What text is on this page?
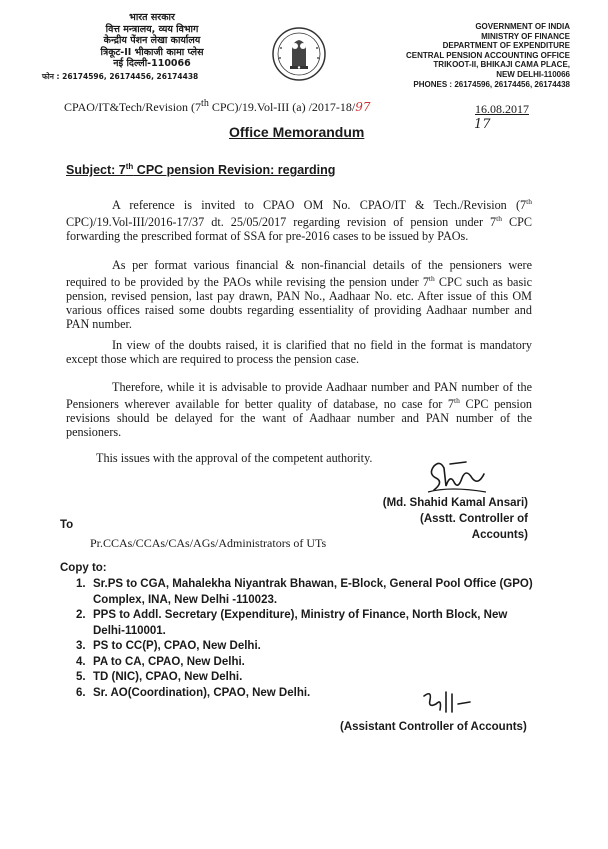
भारत सरकार
वित्त मन्त्रालय, व्यय विभाग
केन्द्रीय पेंशन लेखा कार्यालय
त्रिकूट-II भीकाजी कामा प्लेस
नई दिल्ली-110066
फोन : 26174596, 26174456, 26174438
GOVERNMENT OF INDIA
MINISTRY OF FINANCE
DEPARTMENT OF EXPENDITURE
CENTRAL PENSION ACCOUNTING OFFICE
TRIKOOT-II, BHIKAJI CAMA PLACE,
NEW DELHI-110066
PHONES : 26174596, 26174456, 26174438
CPAO/IT&Tech/Revision (7th CPC)/19.Vol-III (a) /2017-18/97	16.08.2017
17
Office Memorandum
Subject: 7th CPC pension Revision: regarding

A reference is invited to CPAO OM No. CPAO/IT & Tech./Revision (7th CPC)/19.Vol-III/2016-17/37 dt. 25/05/2017 regarding revision of pension under 7th CPC forwarding the prescribed format of SSA for pre-2016 cases to be issued by PAOs.

As per format various financial & non-financial details of the pensioners were required to be provided by the PAOs while revising the pension under 7th CPC such as basic pension, revised pension, last pay drawn, PAN No., Aadhaar No. etc. After issue of this OM various offices raised some doubts regarding essentiality of providing Aadhaar number and PAN number.

In view of the doubts raised, it is clarified that no field in the format is mandatory except those which are required to process the pension case.

Therefore, while it is advisable to provide Aadhaar number and PAN number of the Pensioners wherever available for better quality of database, no case for 7th CPC pension revisions should be delayed for the want of Aadhaar number and PAN number of the pensioners.

This issues with the approval of the competent authority.

(Md. Shahid Kamal Ansari)
(Asstt. Controller of Accounts)
To
Pr.CCAs/CCAs/CAs/AGs/Administrators of UTs
Copy to:
1. Sr.PS to CGA, Mahalekha Niyantrak Bhawan, E-Block, General Pool Office (GPO) Complex, INA, New Delhi -110023.
2. PPS to Addl. Secretary (Expenditure), Ministry of Finance, North Block, New Delhi-110001.
3. PS to CC(P), CPAO, New Delhi.
4. PA to CA, CPAO, New Delhi.
5. TD (NIC), CPAO, New Delhi.
6. Sr. AO(Coordination), CPAO, New Delhi.
(Assistant Controller of Accounts)
